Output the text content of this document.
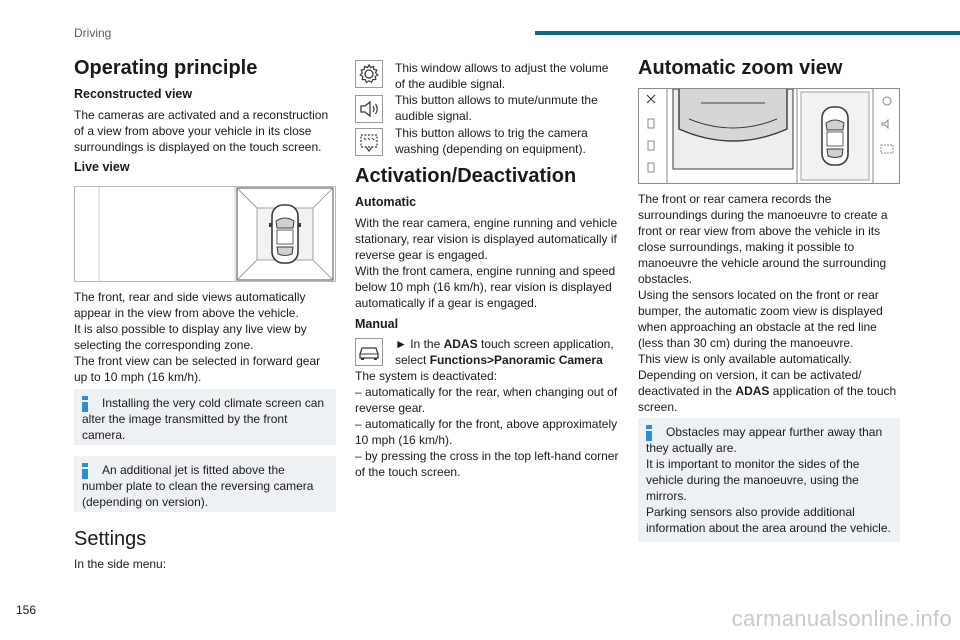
Driving
Operating principle
Reconstructed view

The cameras are activated and a reconstruction of a view from above your vehicle in its close surroundings is displayed on the touch screen.

Live view

The front, rear and side views automatically appear in the view from above the vehicle.

It is also possible to display any live view by selecting the corresponding zone.

The front view can be selected in forward gear up to 10 mph (16 km/h).

Installing the very cold climate screen can alter the image transmitted by the front camera.
An additional jet is fitted above the number plate to clean the reversing camera (depending on version).
Settings

In the side menu:

This window allows to adjust the volume of the audible signal.

This button allows to mute/unmute the audible signal.

This button allows to trig the camera washing (depending on equipment).

Activation/Deactivation
Automatic

With the rear camera, engine running and vehicle stationary, rear vision is displayed automatically if reverse gear is engaged.

With the front camera, engine running and speed below 10 mph (16 km/h), rear vision is displayed automatically if a gear is engaged.

Manual

► In the ADAS touch screen application, select Functions>Panoramic Camera

The system is deactivated:

– automatically for the rear, when changing out of reverse gear.

– automatically for the front, above approximately 10 mph (16 km/h).

– by pressing the cross in the top left-hand corner of the touch screen.

Automatic zoom view

The front or rear camera records the surroundings during the manoeuvre to create a front or rear view from above the vehicle in its close surroundings, making it possible to manoeuvre the vehicle around the surrounding obstacles.

Using the sensors located on the front or rear bumper, the automatic zoom view is displayed when approaching an obstacle at the red line (less than 30 cm) during the manoeuvre.

This view is only available automatically.

Depending on version, it can be activated/ deactivated in the ADAS application of the touch screen.

Obstacles may appear further away than they actually are.
It is important to monitor the sides of the vehicle during the manoeuvre, using the mirrors.
Parking sensors also provide additional information about the area around the vehicle.
156	carmanualsonline.info
